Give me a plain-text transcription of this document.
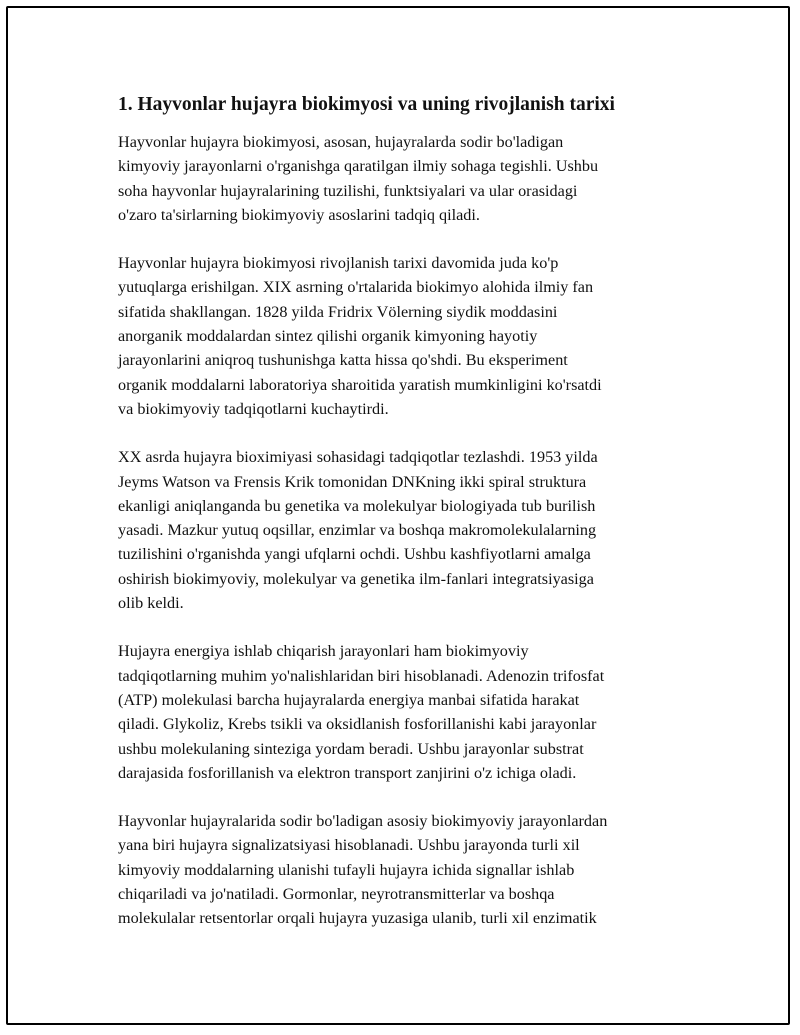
1. Hayvonlar hujayra biokimyosi va uning rivojlanish tarixi

Hayvonlar hujayra biokimyosi, asosan, hujayralarda sodir bo'ladigan
kimyoviy jarayonlarni o'rganishga qaratilgan ilmiy sohaga tegishli. Ushbu
soha hayvonlar hujayralarining tuzilishi, funktsiyalari va ular orasidagi
o'zaro ta'sirlarning biokimyoviy asoslarini tadqiq qiladi.

Hayvonlar hujayra biokimyosi rivojlanish tarixi davomida juda ko'p
yutuqlarga erishilgan. XIX asrning o'rtalarida biokimyo alohida ilmiy fan
sifatida shakllangan. 1828 yilda Fridrix Völerning siydik moddasini
anorganik moddalardan sintez qilishi organik kimyoning hayotiy
jarayonlarini aniqroq tushunishga katta hissa qo'shdi. Bu eksperiment
organik moddalarni laboratoriya sharoitida yaratish mumkinligini ko'rsatdi
va biokimyoviy tadqiqotlarni kuchaytirdi.

XX asrda hujayra bioximiyasi sohasidagi tadqiqotlar tezlashdi. 1953 yilda
Jeyms Watson va Frensis Krik tomonidan DNKning ikki spiral struktura
ekanligi aniqlanganda bu genetika va molekulyar biologiyada tub burilish
yasadi. Mazkur yutuq oqsillar, enzimlar va boshqa makromolekulalarning
tuzilishini o'rganishda yangi ufqlarni ochdi. Ushbu kashfiyotlarni amalga
oshirish biokimyoviy, molekulyar va genetika ilm-fanlari integratsiyasiga
olib keldi.

Hujayra energiya ishlab chiqarish jarayonlari ham biokimyoviy
tadqiqotlarning muhim yo'nalishlaridan biri hisoblanadi. Adenozin trifosfat
(ATP) molekulasi barcha hujayralarda energiya manbai sifatida harakat
qiladi. Glykoliz, Krebs tsikli va oksidlanish fosforillanishi kabi jarayonlar
ushbu molekulaning sinteziga yordam beradi. Ushbu jarayonlar substrat
darajasida fosforillanish va elektron transport zanjirini o'z ichiga oladi.

Hayvonlar hujayralarida sodir bo'ladigan asosiy biokimyoviy jarayonlardan
yana biri hujayra signalizatsiyasi hisoblanadi. Ushbu jarayonda turli xil
kimyoviy moddalarning ulanishi tufayli hujayra ichida signallar ishlab
chiqariladi va jo'natiladi. Gormonlar, neyrotransmitterlar va boshqa
molekulalar retsentorlar orqali hujayra yuzasiga ulanib, turli xil enzimatik
